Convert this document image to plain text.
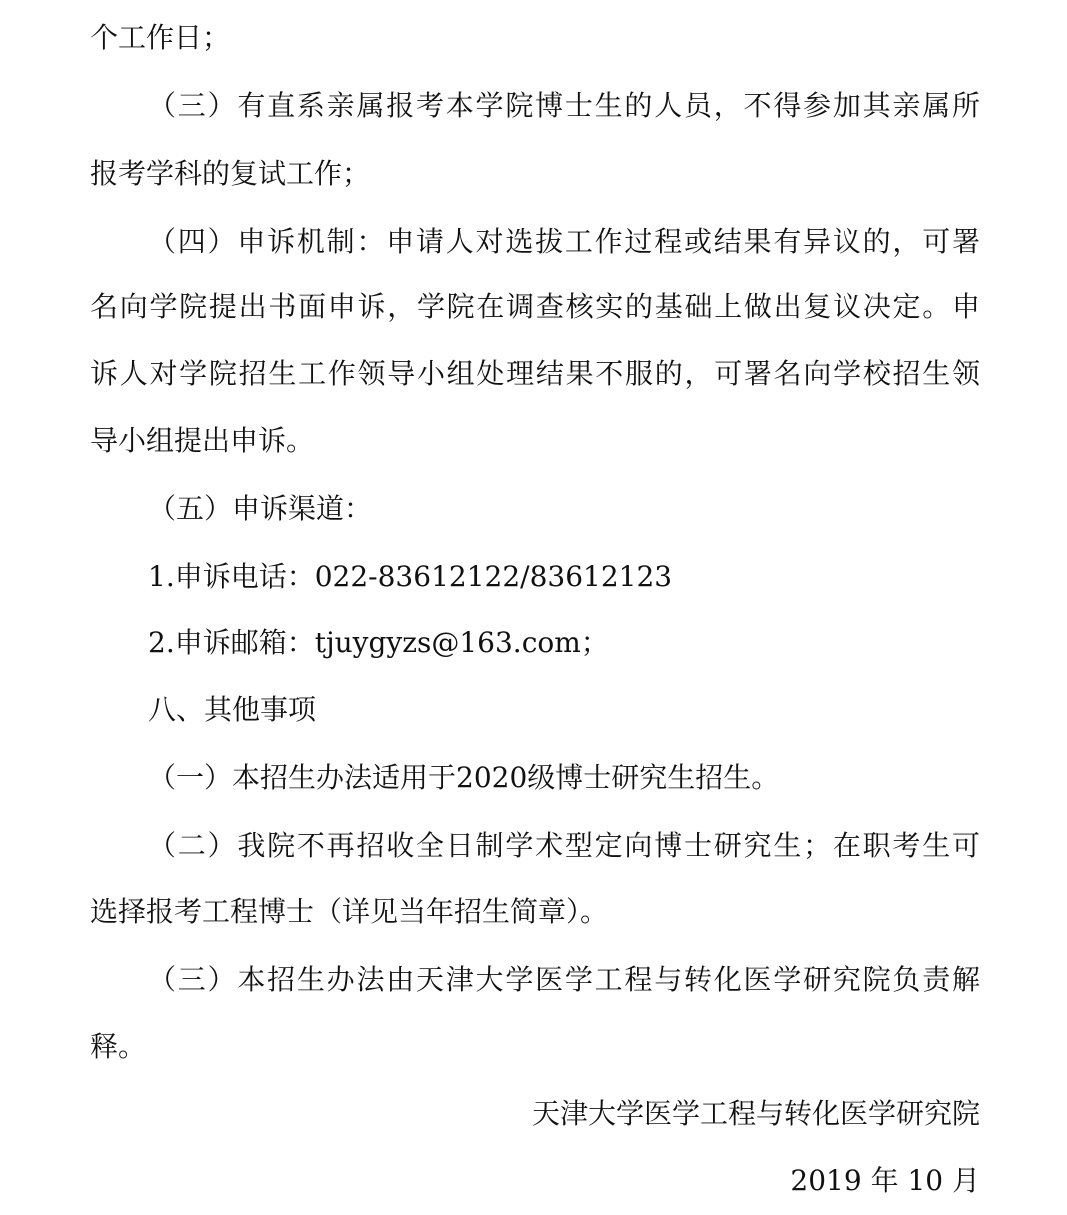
个工作日；
（三）有直系亲属报考本学院博士生的人员，不得参加其亲属所
报考学科的复试工作；
（四）申诉机制：申请人对选拔工作过程或结果有异议的，可署
名向学院提出书面申诉，学院在调查核实的基础上做出复议决定。申
诉人对学院招生工作领导小组处理结果不服的，可署名向学校招生领
导小组提出申诉。
（五）申诉渠道：
1.申诉电话：022-83612122/83612123
2.申诉邮箱：tjuygyzs@163.com；
八、其他事项
（一）本招生办法适用于2020级博士研究生招生。
（二）我院不再招收全日制学术型定向博士研究生；在职考生可
选择报考工程博士（详见当年招生简章）。
（三）本招生办法由天津大学医学工程与转化医学研究院负责解
释。
天津大学医学工程与转化医学研究院
2019 年 10 月
